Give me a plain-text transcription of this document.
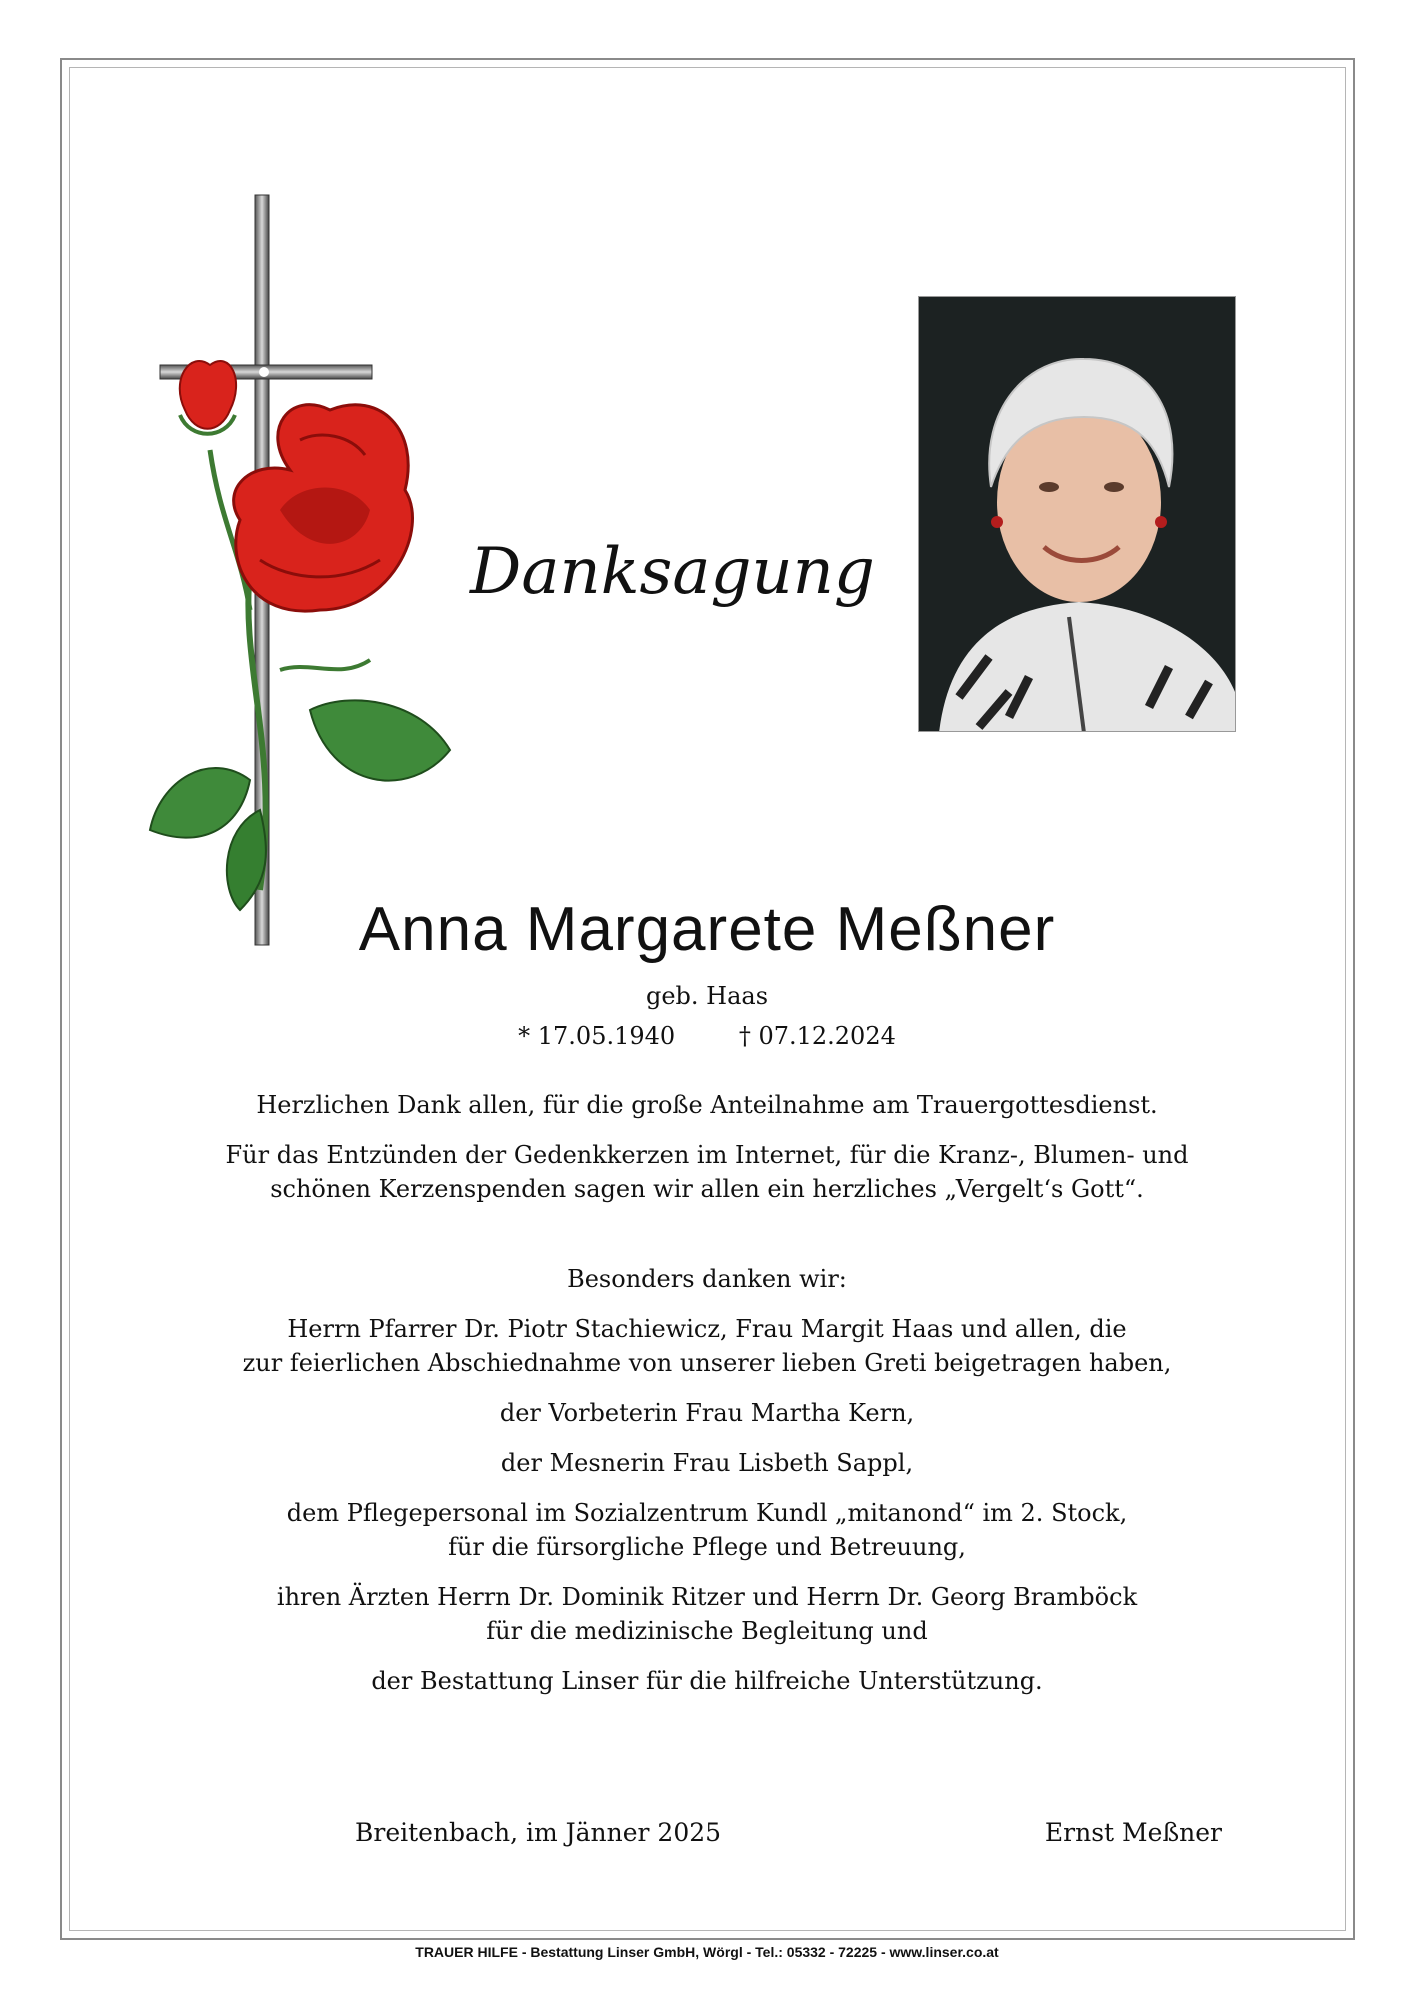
Danksagung
Anna Margarete Meßner
geb. Haas
* 17.05.1940	† 07.12.2024

Herzlichen Dank allen, für die große Anteilnahme am Trauergottesdienst.

Für das Entzünden der Gedenkkerzen im Internet, für die Kranz-, Blumen- und

schönen Kerzenspenden sagen wir allen ein herzliches „Vergelt‘s Gott“.

Besonders danken wir:

Herrn Pfarrer Dr. Piotr Stachiewicz, Frau Margit Haas und allen, die

zur feierlichen Abschiednahme von unserer lieben Greti beigetragen haben,

der Vorbeterin Frau Martha Kern,

der Mesnerin Frau Lisbeth Sappl,

dem Pflegepersonal im Sozialzentrum Kundl „mitanond“ im 2. Stock,

für die fürsorgliche Pflege und Betreuung,

ihren Ärzten Herrn Dr. Dominik Ritzer und Herrn Dr. Georg Bramböck

für die medizinische Begleitung und

der Bestattung Linser für die hilfreiche Unterstützung.

Breitenbach, im Jänner 2025	Ernst Meßner
TRAUER HILFE - Bestattung Linser GmbH, Wörgl - Tel.: 05332 - 72225 - www.linser.co.at
